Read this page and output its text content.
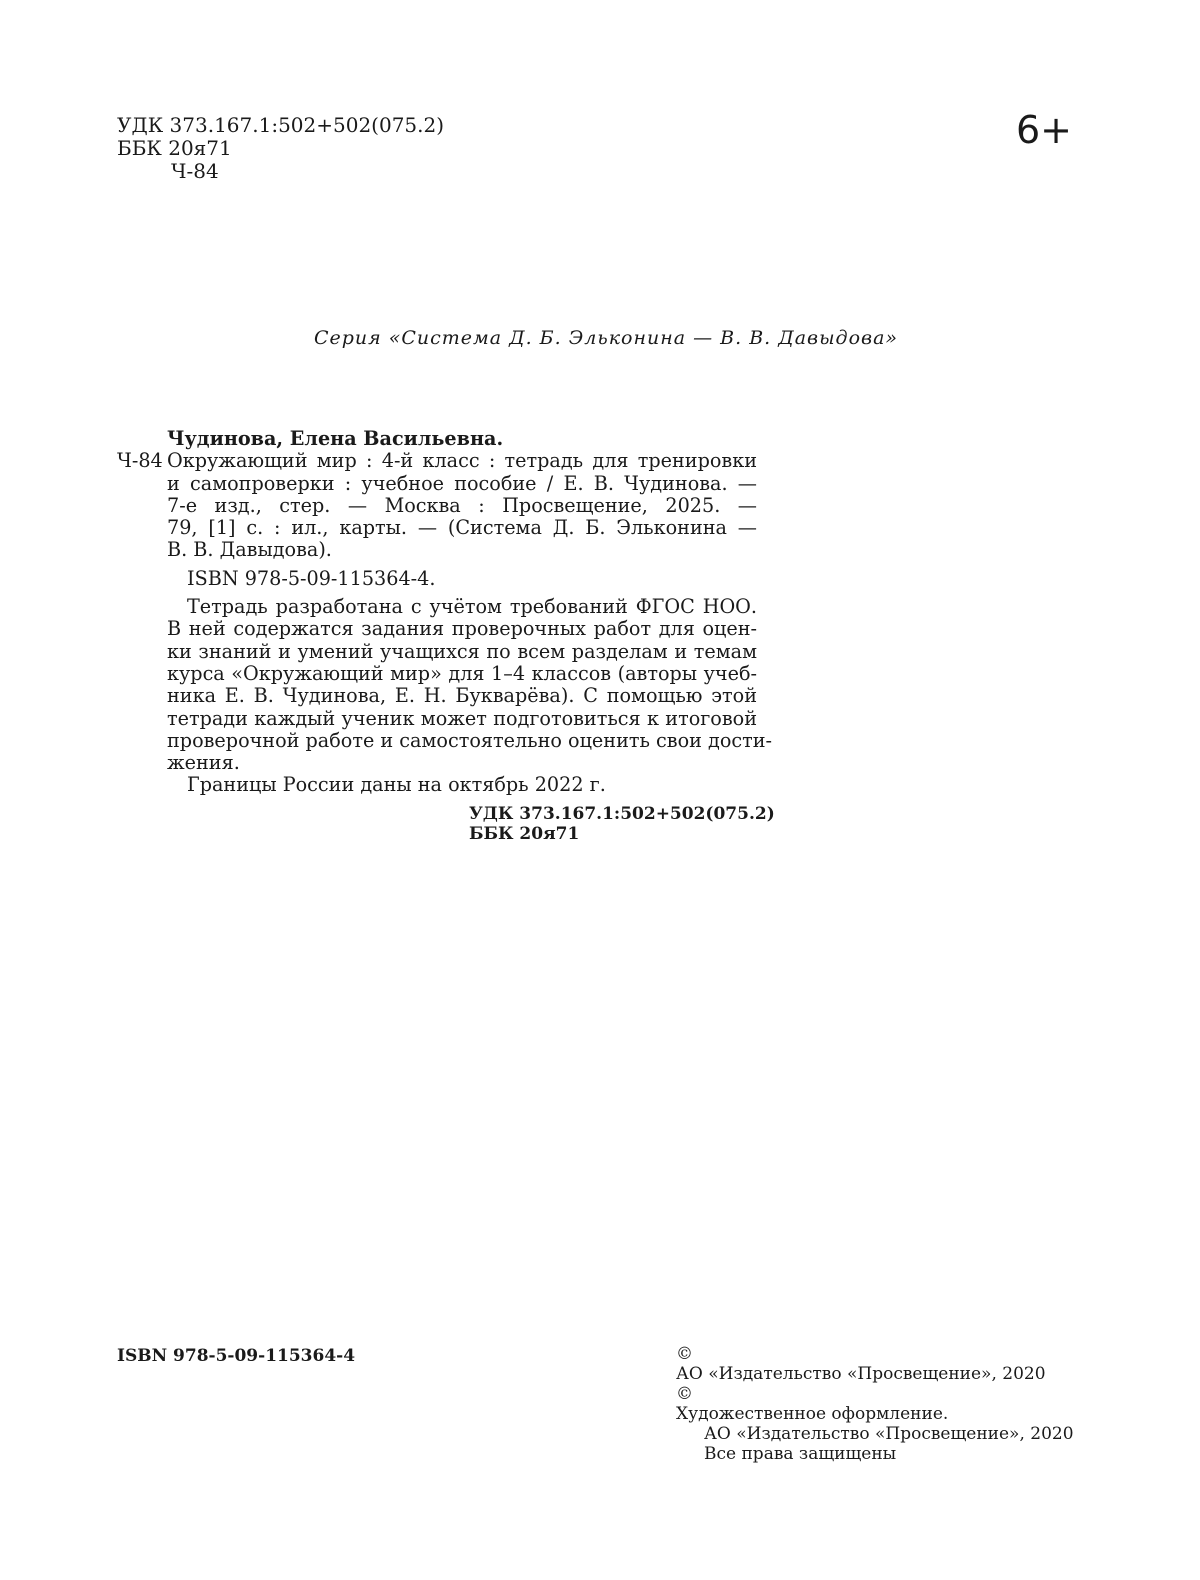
УДК 373.167.1:502+502(075.2)
ББК 20я71
Ч-84
6+
Серия «Система Д. Б. Эльконина — В. В. Давыдова»
Чудинова, Елена Васильевна.
Ч-84 Окружающий мир : 4-й класс : тетрадь для тренировки
и самопроверки : учебное пособие / Е. В. Чудинова. —
7-е изд., стер. — Москва : Просвещение, 2025. —
79, [1] с. : ил., карты. — (Система Д. Б. Эльконина —
В. В. Давыдова).
ISBN 978-5-09-115364-4.
Тетрадь разработана с учётом требований ФГОС НОО.
В ней содержатся задания проверочных работ для оцен-
ки знаний и умений учащихся по всем разделам и темам
курса «Окружающий мир» для 1–4 классов (авторы учеб-
ника Е. В. Чудинова, Е. Н. Букварёва). С помощью этой
тетради каждый ученик может подготовиться к итоговой
проверочной работе и самостоятельно оценить свои дости-
жения.
Границы России даны на октябрь 2022 г.
УДК 373.167.1:502+502(075.2)
ББК 20я71
ISBN 978-5-09-115364-4	©
АО «Издательство «Просвещение», 2020
©
Художественное оформление.
АО «Издательство «Просвещение», 2020
Все права защищены
